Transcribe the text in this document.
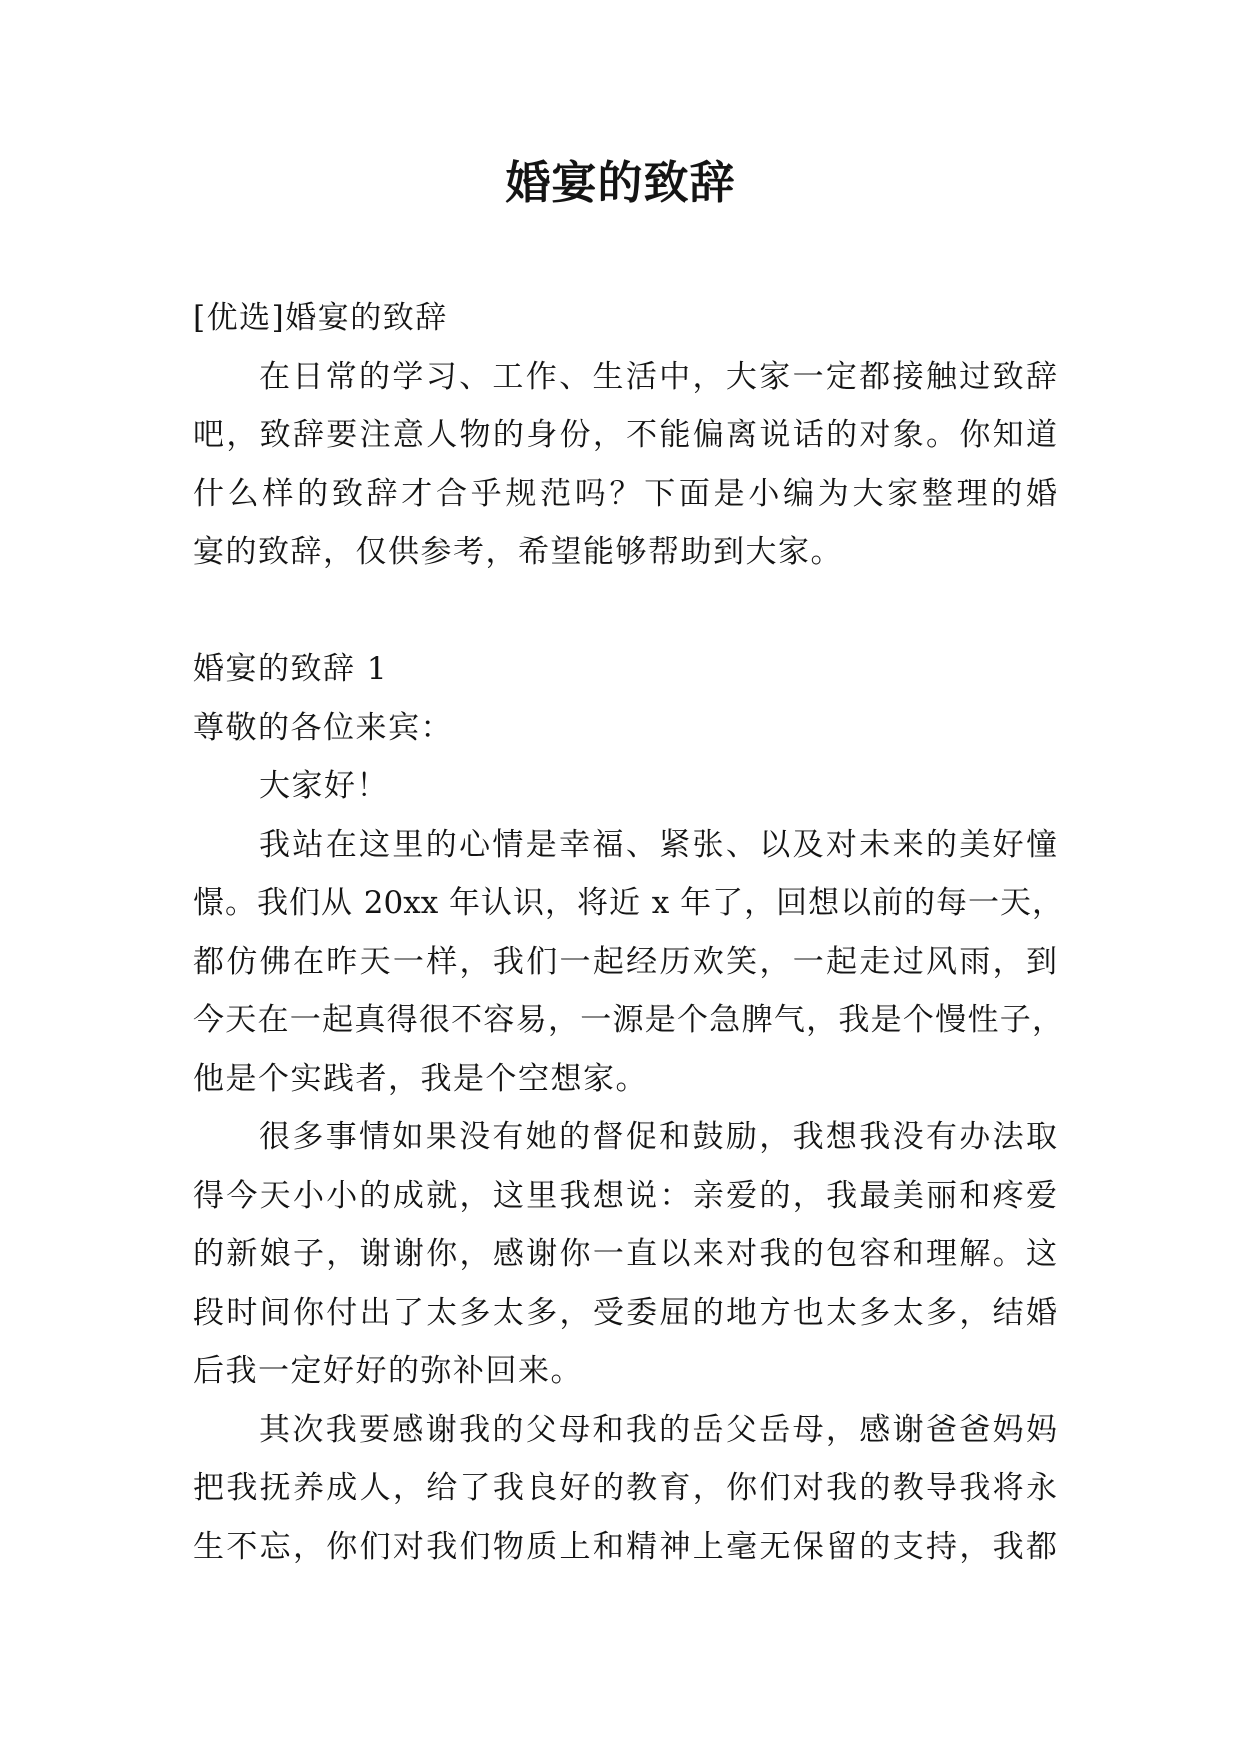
婚宴的致辞
[优选]婚宴的致辞
在日常的学习、工作、生活中，大家一定都接触过致辞
吧，致辞要注意人物的身份，不能偏离说话的对象。你知道
什么样的致辞才合乎规范吗？下面是小编为大家整理的婚
宴的致辞，仅供参考，希望能够帮助到大家。
婚宴的致辞 1
尊敬的各位来宾：
大家好！
我站在这里的心情是幸福、紧张、以及对未来的美好憧
憬。我们从 20xx 年认识，将近 x 年了，回想以前的每一天，
都仿佛在昨天一样，我们一起经历欢笑，一起走过风雨，到
今天在一起真得很不容易，一源是个急脾气，我是个慢性子，
他是个实践者，我是个空想家。
很多事情如果没有她的督促和鼓励，我想我没有办法取
得今天小小的成就，这里我想说：亲爱的，我最美丽和疼爱
的新娘子，谢谢你，感谢你一直以来对我的包容和理解。这
段时间你付出了太多太多，受委屈的地方也太多太多，结婚
后我一定好好的弥补回来。
其次我要感谢我的父母和我的岳父岳母，感谢爸爸妈妈
把我抚养成人，给了我良好的教育，你们对我的教导我将永
生不忘，你们对我们物质上和精神上毫无保留的支持，我都
